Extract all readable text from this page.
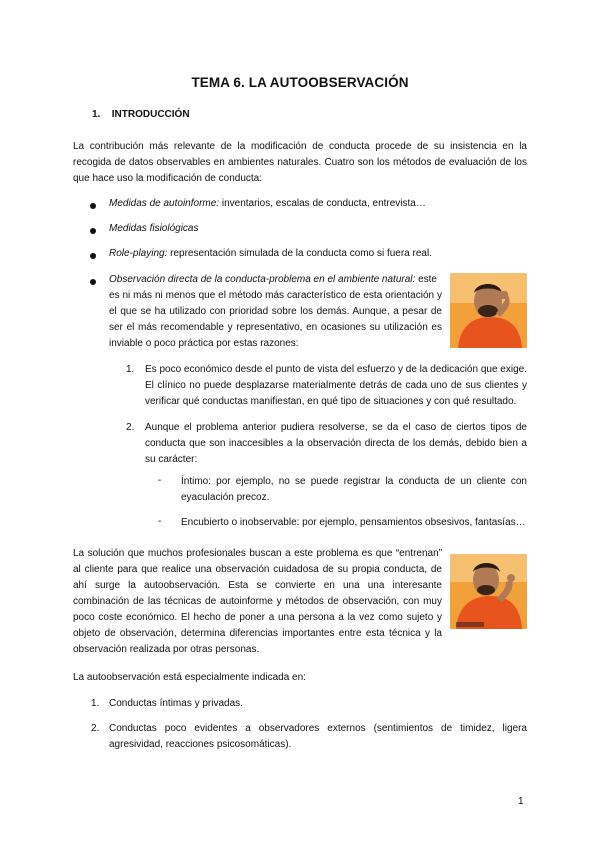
TEMA 6. LA AUTOOBSERVACIÓN
1. INTRODUCCIÓN
La contribución más relevante de la modificación de conducta procede de su insistencia en la
recogida de datos observables en ambientes naturales. Cuatro son los métodos de evaluación de los
que hace uso la modificación de conducta:
Medidas de autoinforme: inventarios, escalas de conducta, entrevista…
Medidas fisiológicas
Role-playing: representación simulada de la conducta como si fuera real.
Observación directa de la conducta-problema en el ambiente natural: este
es ni más ni menos que el método más característico de esta orientación y
el que se ha utilizado con prioridad sobre los demás. Aunque, a pesar de
ser el más recomendable y representativo, en ocasiones su utilización es
inviable o poco práctica por estas razones:
1. Es poco económico desde el punto de vista del esfuerzo y de la dedicación que exige.
El clínico no puede desplazarse materialmente detrás de cada uno de sus clientes y
verificar qué conductas manifiestan, en qué tipo de situaciones y con qué resultado.
2. Aunque el problema anterior pudiera resolverse, se da el caso de ciertos tipos de
conducta que son inaccesibles a la observación directa de los demás, debido bien a
su carácter:
- Íntimo: por ejemplo, no se puede registrar la conducta de un cliente con
eyaculación precoz.
- Encubierto o inobservable: por ejemplo, pensamientos obsesivos, fantasías…
La solución que muchos profesionales buscan a este problema es que “entrenan”
al cliente para que realice una observación cuidadosa de su propia conducta, de
ahí surge la autoobservación. Esta se convierte en una una interesante
combinación de las técnicas de autoinforme y métodos de observación, con muy
poco coste económico. El hecho de poner a una persona a la vez como sujeto y
objeto de observación, determina diferencias importantes entre esta técnica y la
observación realizada por otras personas.
La autoobservación está especialmente indicada en:
1. Conductas íntimas y privadas.
2. Conductas poco evidentes a observadores externos (sentimientos de timidez, ligera
agresividad, reacciones psicosomáticas).
1
